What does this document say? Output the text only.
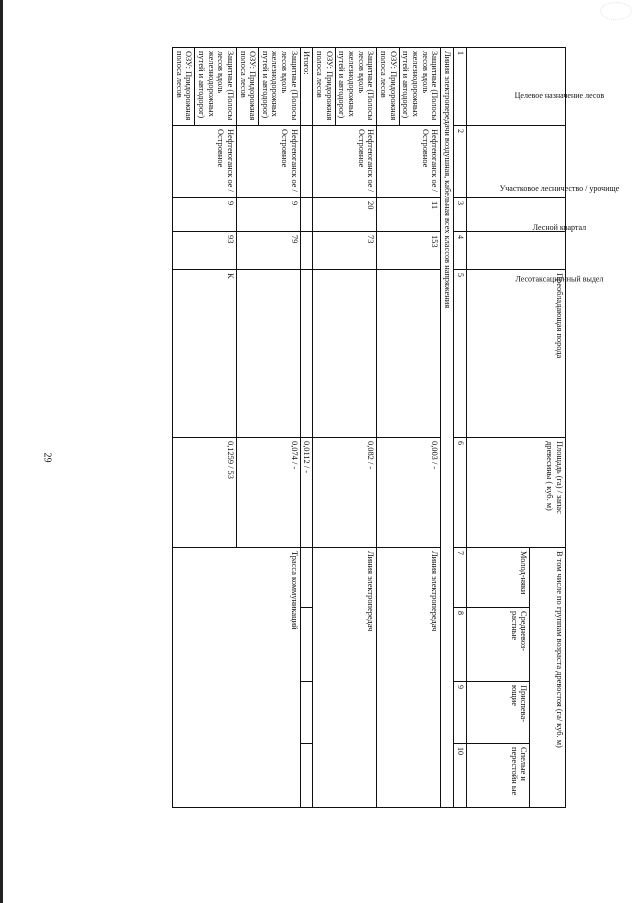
29
Целевое назначение лесов	Участковое лесничество / урочище	Лесной квартал	Лесотаксационный выдел	Преобладающая порода	Площадь (га) / запас древесины ( куб. м)	В том числе по группам возраста древостоя (га/ куб. м)			
						Молод-няки	Средневоз-растные	Приспева-ющие	Спелые и перестойн ые
1	2	3	4	5	6	7	8	9	10
Линия электропередачи воздушная, кабельная всех классов напряжения									
Защитные (Полосы лесов вдоль железнодорожных путей и автодорог)	Нефтеюганск ое / Островное	11	153		0,003 / -	Линия электропередач			
ОЗУ: Придорожная полоса лесов									
Защитные (Полосы лесов вдоль железнодорожных путей и автодорог)	Нефтеюганск ое / Островное	20	73		0,082 / -	Линия электропередач			
ОЗУ: Придорожная полоса лесов									
Итого:					0,0112 / -				
Защитные (Полосы лесов вдоль железнодорожных путей и автодорог)	Нефтеюганск ое / Островное	9	79		0,074 / -	Трасса коммуникаций			
ОЗУ: Придорожная полоса лесов									
Защитные (Полосы лесов вдоль железнодорожных путей и автодорог)	Нефтеюганск ое / Островное	9	93	К	0,1259 / 53				
ОЗУ: Придорожная полоса лесов									
